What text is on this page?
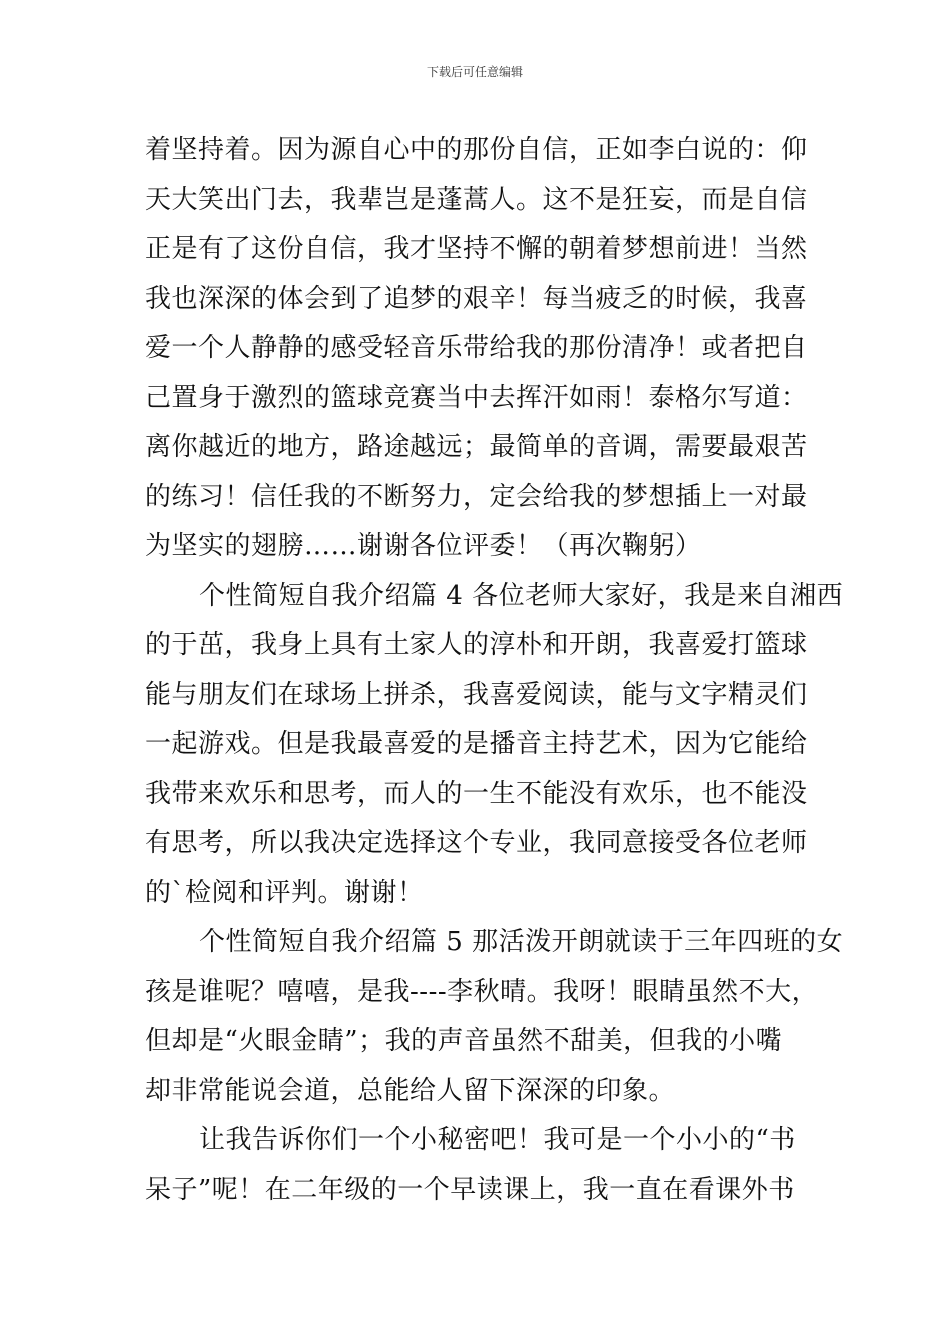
下载后可任意编辑
着坚持着。因为源自心中的那份自信，正如李白说的：仰
天大笑出门去，我辈岂是蓬蒿人。这不是狂妄，而是自信
正是有了这份自信，我才坚持不懈的朝着梦想前进！当然
我也深深的体会到了追梦的艰辛！每当疲乏的时候，我喜
爱一个人静静的感受轻音乐带给我的那份清净！或者把自
己置身于激烈的篮球竞赛当中去挥汗如雨！泰格尔写道：
离你越近的地方，路途越远；最简单的音调，需要最艰苦
的练习！信任我的不断努力，定会给我的梦想插上一对最
为坚实的翅膀……谢谢各位评委！（再次鞠躬）
个性简短自我介绍篇 4 各位老师大家好，我是来自湘西
的于茁，我身上具有土家人的淳朴和开朗，我喜爱打篮球
能与朋友们在球场上拼杀，我喜爱阅读，能与文字精灵们
一起游戏。但是我最喜爱的是播音主持艺术，因为它能给
我带来欢乐和思考，而人的一生不能没有欢乐，也不能没
有思考，所以我决定选择这个专业，我同意接受各位老师
的`检阅和评判。谢谢！
个性简短自我介绍篇 5 那活泼开朗就读于三年四班的女
孩是谁呢？嘻嘻，是我----李秋晴。我呀！眼睛虽然不大，
但却是“火眼金睛”；我的声音虽然不甜美，但我的小嘴
却非常能说会道，总能给人留下深深的印象。
让我告诉你们一个小秘密吧！我可是一个小小的“书
呆子”呢！在二年级的一个早读课上，我一直在看课外书
